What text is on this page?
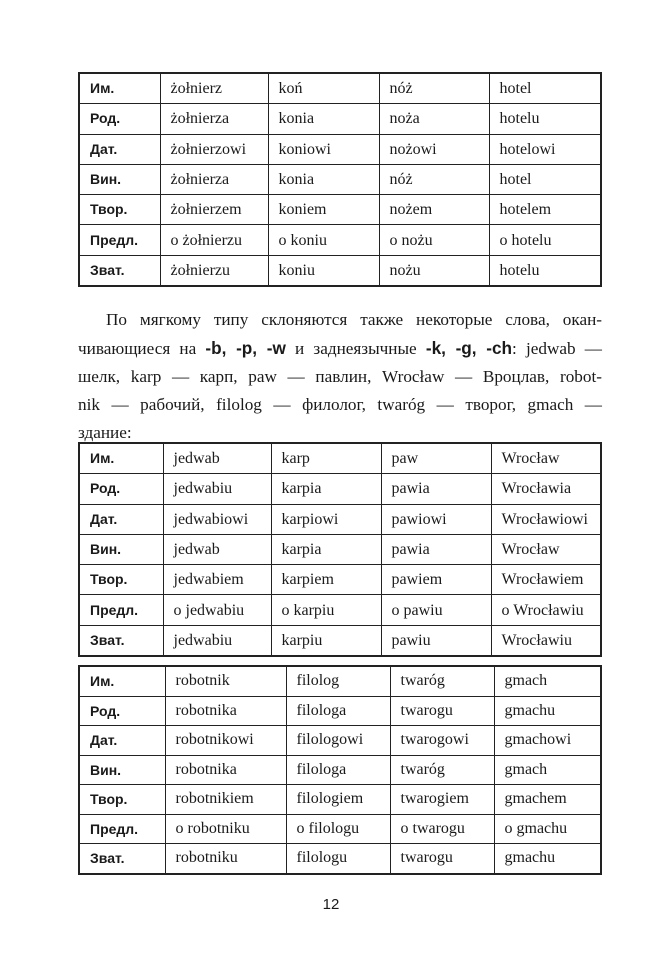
Им.	żołnierz	koń	nóż	hotel
Род.	żołnierza	konia	noża	hotelu
Дат.	żołnierzowi	koniowi	nożowi	hotelowi
Вин.	żołnierza	konia	nóż	hotel
Твор.	żołnierzem	koniem	nożem	hotelem
Предл.	o żołnierzu	o koniu	o nożu	o hotelu
Зват.	żołnierzu	koniu	nożu	hotelu

По мягкому типу склоняются также некоторые слова, окан-
чивающиеся на -b, -p, -w и заднеязычные -k, -g, -ch: jedwab —
шелк, karp — карп, paw — павлин, Wrocław — Вроцлав, robot-
nik — рабочий, filolog — филолог, twaróg — творог, gmach —
здание:

Им.	jedwab	karp	paw	Wrocław
Род.	jedwabiu	karpia	pawia	Wrocławia
Дат.	jedwabiowi	karpiowi	pawiowi	Wrocławiowi
Вин.	jedwab	karpia	pawia	Wrocław
Твор.	jedwabiem	karpiem	pawiem	Wrocławiem
Предл.	o jedwabiu	o karpiu	o pawiu	o Wrocławiu
Зват.	jedwabiu	karpiu	pawiu	Wrocławiu
Им.	robotnik	filolog	twaróg	gmach
Род.	robotnika	filologa	twarogu	gmachu
Дат.	robotnikowi	filologowi	twarogowi	gmachowi
Вин.	robotnika	filologa	twaróg	gmach
Твор.	robotnikiem	filologiem	twarogiem	gmachem
Предл.	o robotniku	o filologu	o twarogu	o gmachu
Зват.	robotniku	filologu	twarogu	gmachu
12
